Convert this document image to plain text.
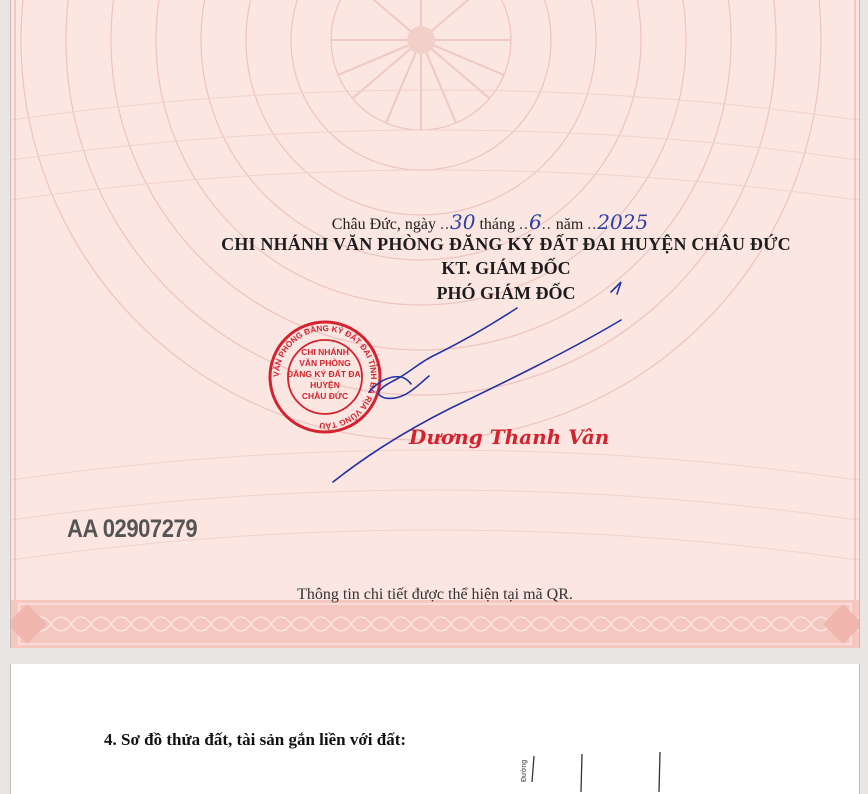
Châu Đức, ngày ..30 tháng ..6.. năm ..2025
CHI NHÁNH VĂN PHÒNG ĐĂNG KÝ ĐẤT ĐAI HUYỆN CHÂU ĐỨC
KT. GIÁM ĐỐC
PHÓ GIÁM ĐỐC
VĂN PHÒNG ĐĂNG KÝ ĐẤT ĐAI TỈNH BÀ RỊA VŨNG TÀU
CHI NHÁNH
VĂN PHÒNG
ĐĂNG KÝ ĐẤT ĐAI
HUYỆN
CHÂU ĐỨC
Dương Thanh Vân
AA 02907279
Thông tin chi tiết được thể hiện tại mã QR.
4. Sơ đồ thửa đất, tài sản gắn liền với đất:
Đường
